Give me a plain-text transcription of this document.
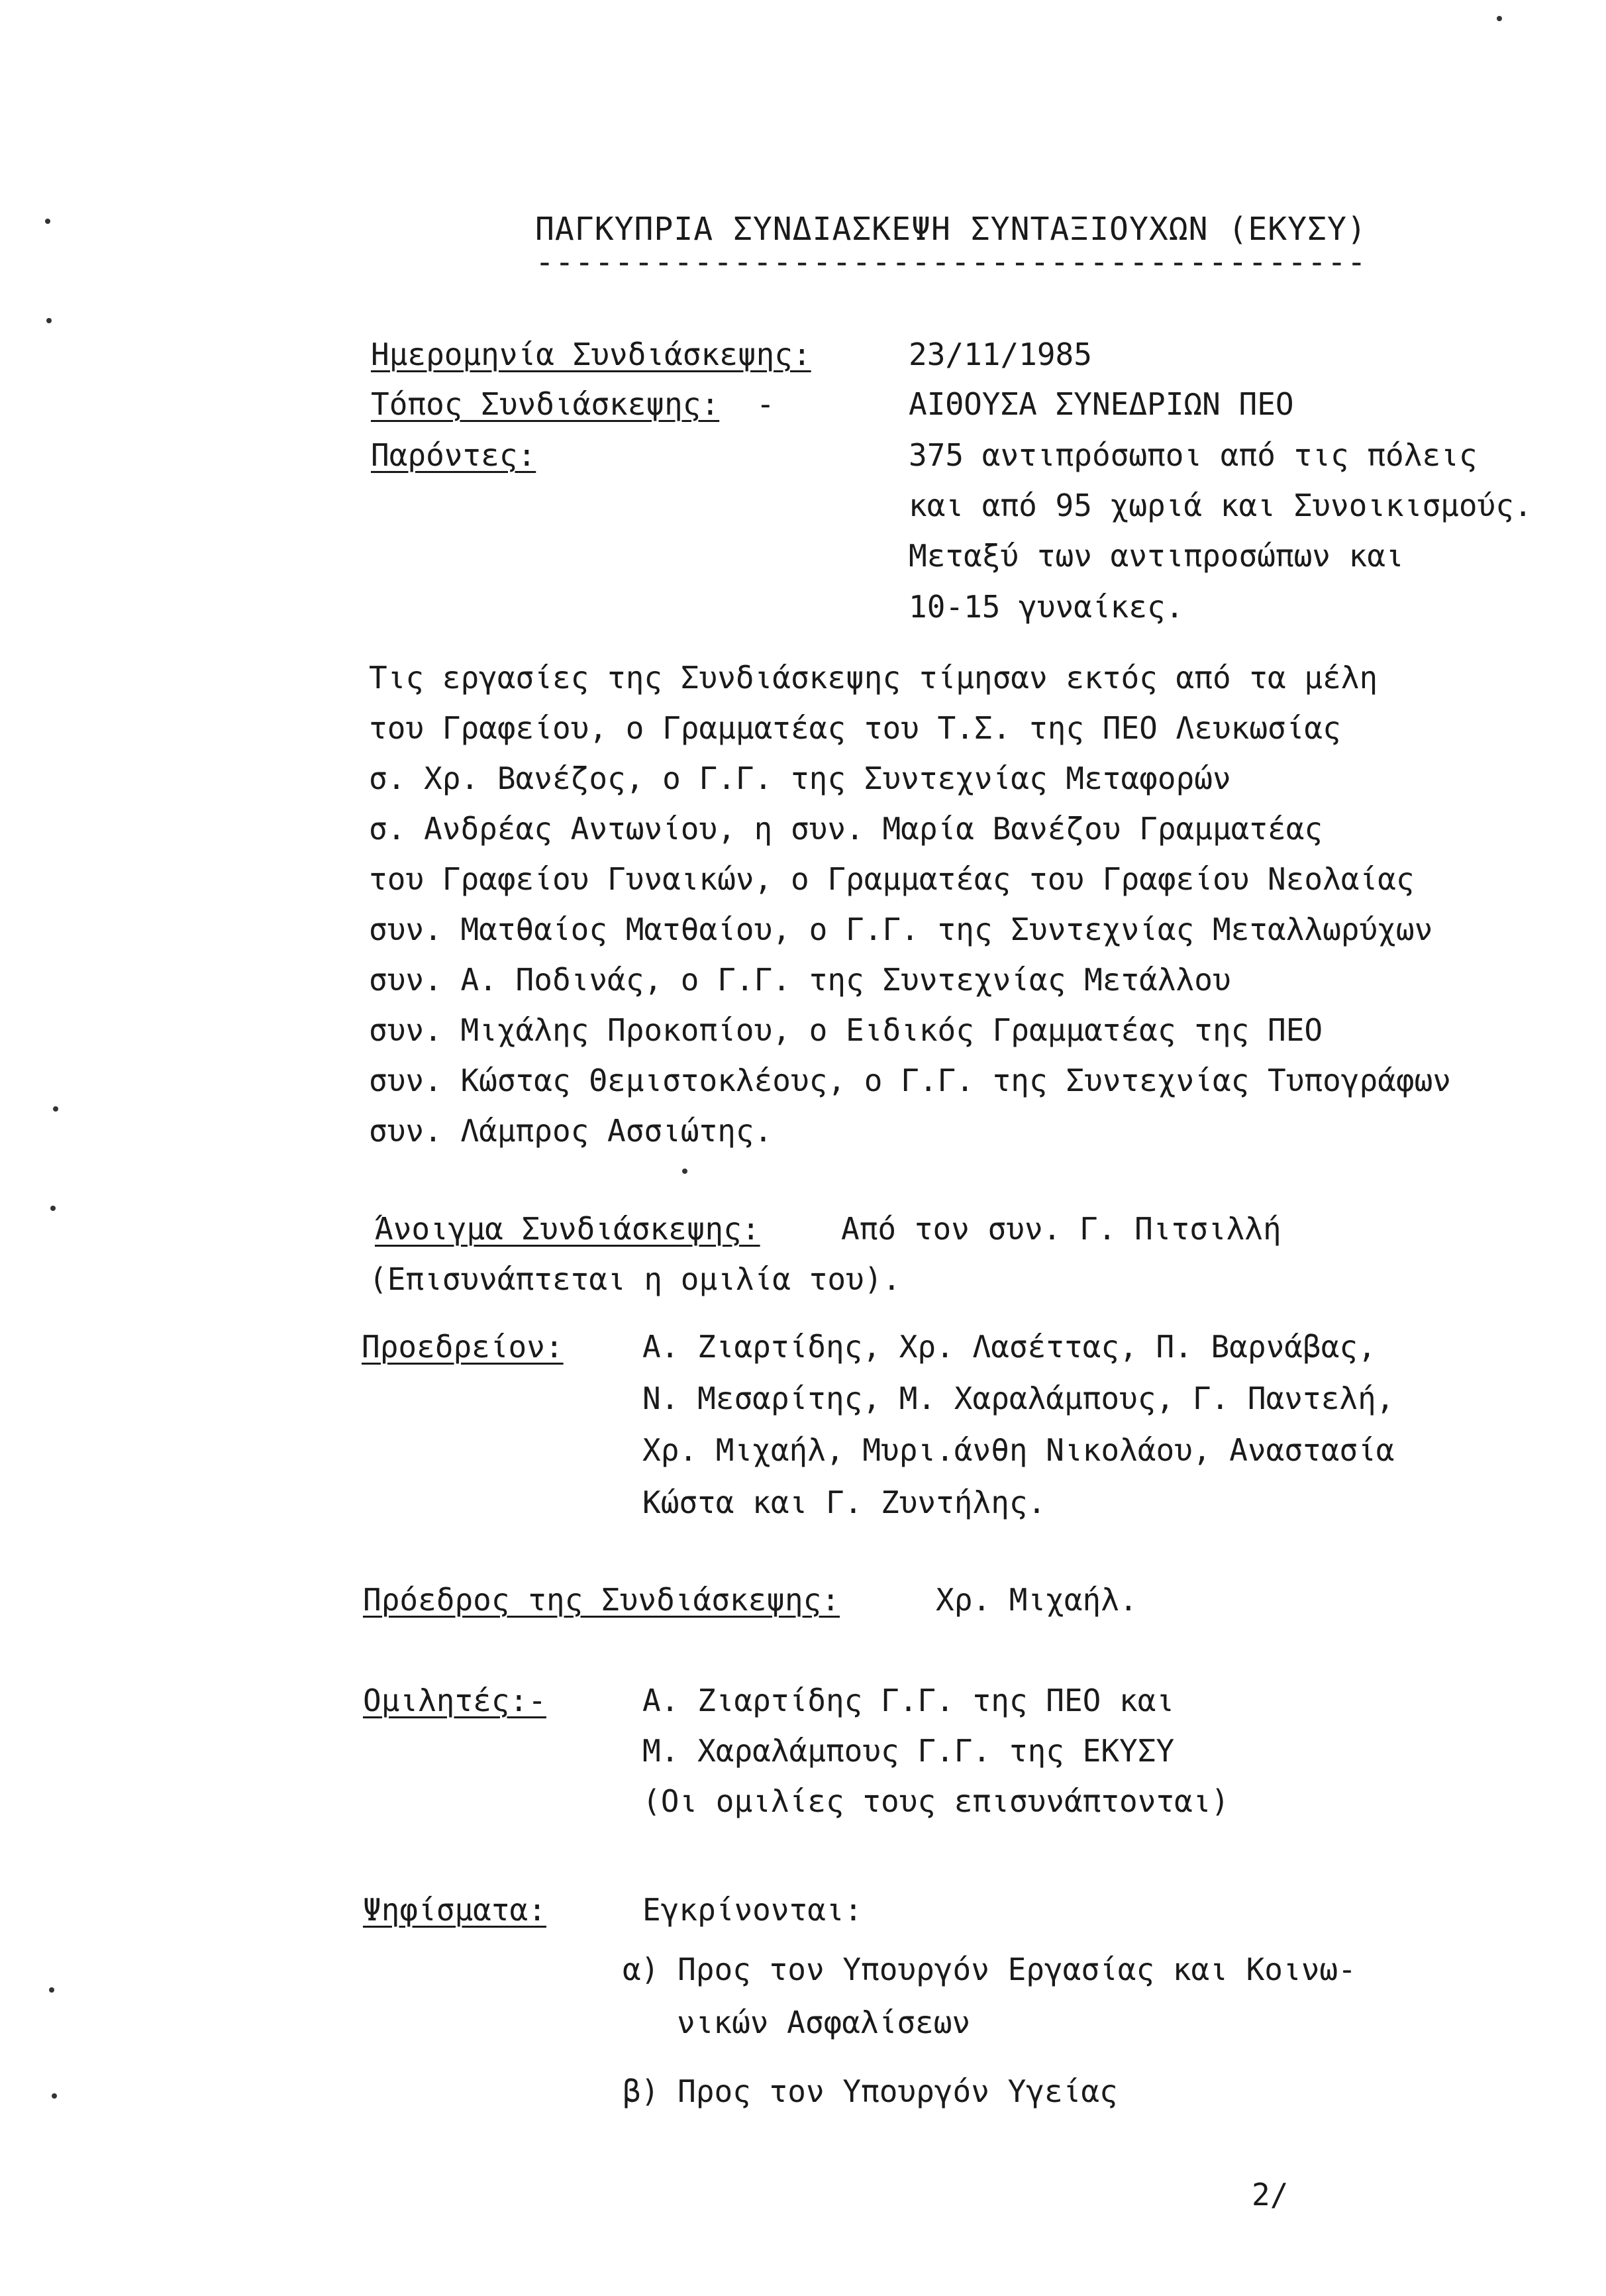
ΠΑΓΚΥΠΡΙΑ ΣΥΝΔΙΑΣΚΕΨΗ ΣΥΝΤΑΞΙΟΥΧΩΝ (ΕΚΥΣΥ)
------------------------------------------
Ημερομηνία Συνδιάσκεψης:	23/11/1985
Τόπος Συνδιάσκεψης: -	ΑΙΘΟΥΣΑ ΣΥΝΕΔΡΙΩΝ ΠΕΟ
Παρόντες:	375 αντιπρόσωποι από τις πόλεις
και από 95 χωριά και Συνοικισμούς.
Μεταξύ των αντιπροσώπων και
10-15 γυναίκες.
Τις εργασίες της Συνδιάσκεψης τίμησαν εκτός από τα μέλη
του Γραφείου, ο Γραμματέας του Τ.Σ. της ΠΕΟ Λευκωσίας
σ. Χρ. Βανέζος, ο Γ.Γ. της Συντεχνίας Μεταφορών
σ. Ανδρέας Αντωνίου, η συν. Μαρία Βανέζου Γραμματέας
του Γραφείου Γυναικών, ο Γραμματέας του Γραφείου Νεολαίας
συν. Ματθαίος Ματθαίου, ο Γ.Γ. της Συντεχνίας Μεταλλωρύχων
συν. Α. Ποδινάς, ο Γ.Γ. της Συντεχνίας Μετάλλου
συν. Μιχάλης Προκοπίου, ο Ειδικός Γραμματέας της ΠΕΟ
συν. Κώστας Θεμιστοκλέους, ο Γ.Γ. της Συντεχνίας Τυπογράφων
συν. Λάμπρος Ασσιώτης.
Άνοιγμα Συνδιάσκεψης:	Από τον συν. Γ. Πιτσιλλή
(Επισυνάπτεται η ομιλία του).
Προεδρείον:	Α. Ζιαρτίδης, Χρ. Λασέττας, Π. Βαρνάβας,
Ν. Μεσαρίτης, Μ. Χαραλάμπους, Γ. Παντελή,
Χρ. Μιχαήλ, Μυρι.άνθη Νικολάου, Αναστασία
Κώστα και Γ. Ζυντήλης.
Πρόεδρος της Συνδιάσκεψης:	Χρ. Μιχαήλ.
Ομιλητές:-	Α. Ζιαρτίδης Γ.Γ. της ΠΕΟ και
Μ. Χαραλάμπους Γ.Γ. της ΕΚΥΣΥ
(Οι ομιλίες τους επισυνάπτονται)
Ψηφίσματα:	Εγκρίνονται:
α) Προς τον Υπουργόν Εργασίας και Κοινω-
νικών Ασφαλίσεων
β) Προς τον Υπουργόν Υγείας
2/
